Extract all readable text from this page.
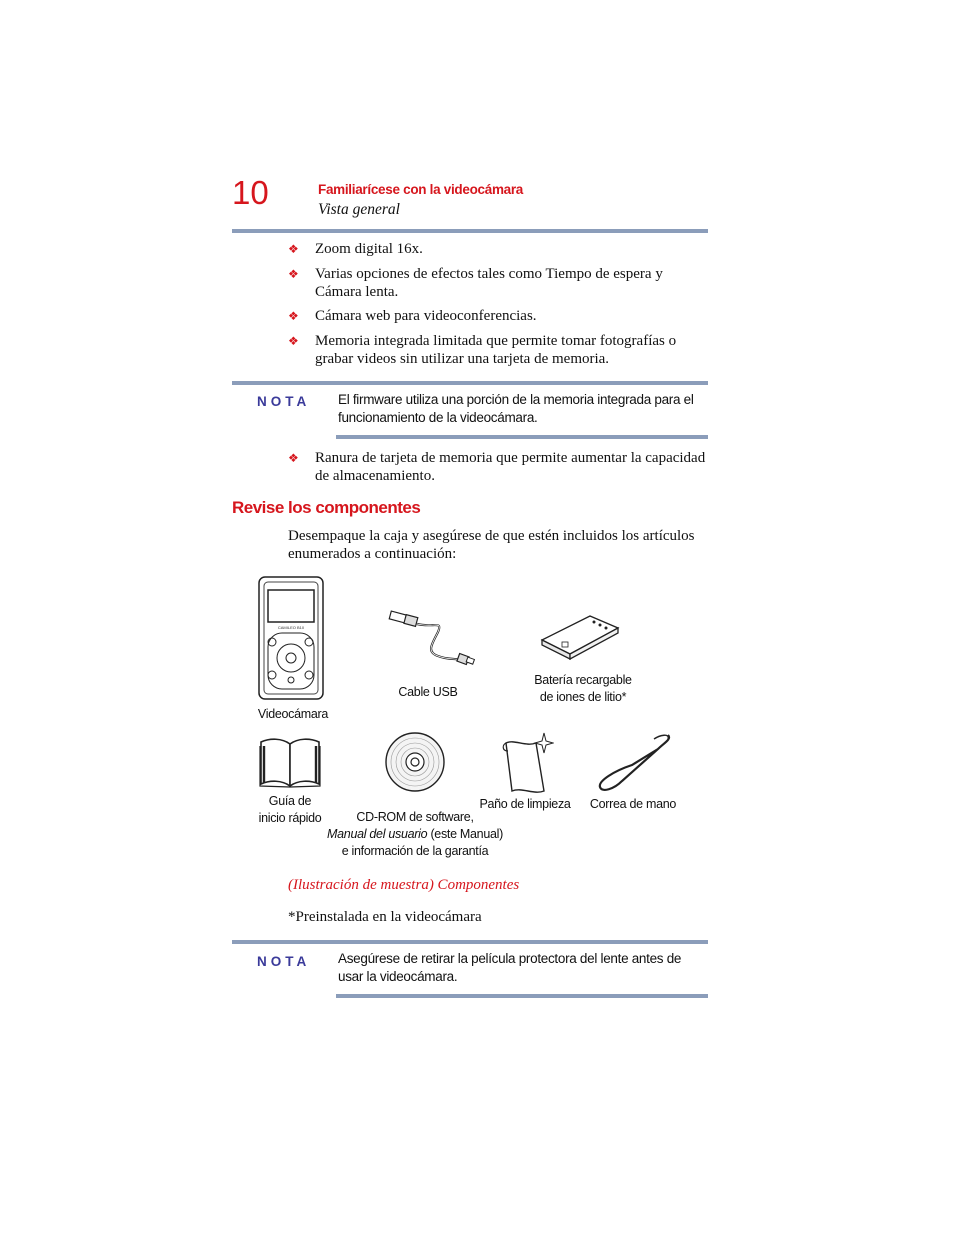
10	Familiarícese con la videocámara
Vista general
❖ Zoom digital 16x.
❖ Varias opciones de efectos tales como Tiempo de espera y Cámara lenta.
❖ Cámara web para videoconferencias.
❖ Memoria integrada limitada que permite tomar fotografías o grabar videos sin utilizar una tarjeta de memoria.
NOTA El firmware utiliza una porción de la memoria integrada para el funcionamiento de la videocámara.
❖ Ranura de tarjeta de memoria que permite aumentar la capacidad de almacenamiento.
Revise los componentes
Desempaque la caja y asegúrese de que estén incluidos los artículos enumerados a continuación:
CAMILEO B10
Videocámara
Cable USB
Batería recargable
de iones de litio*
Guía de
inicio rápido	CD-ROM de software,
Manual del usuario (este Manual)
e información de la garantía
Paño de limpieza	Correa de mano
(Ilustración de muestra) Componentes
*Preinstalada en la videocámara
NOTA Asegúrese de retirar la película protectora del lente antes de usar la videocámara.
